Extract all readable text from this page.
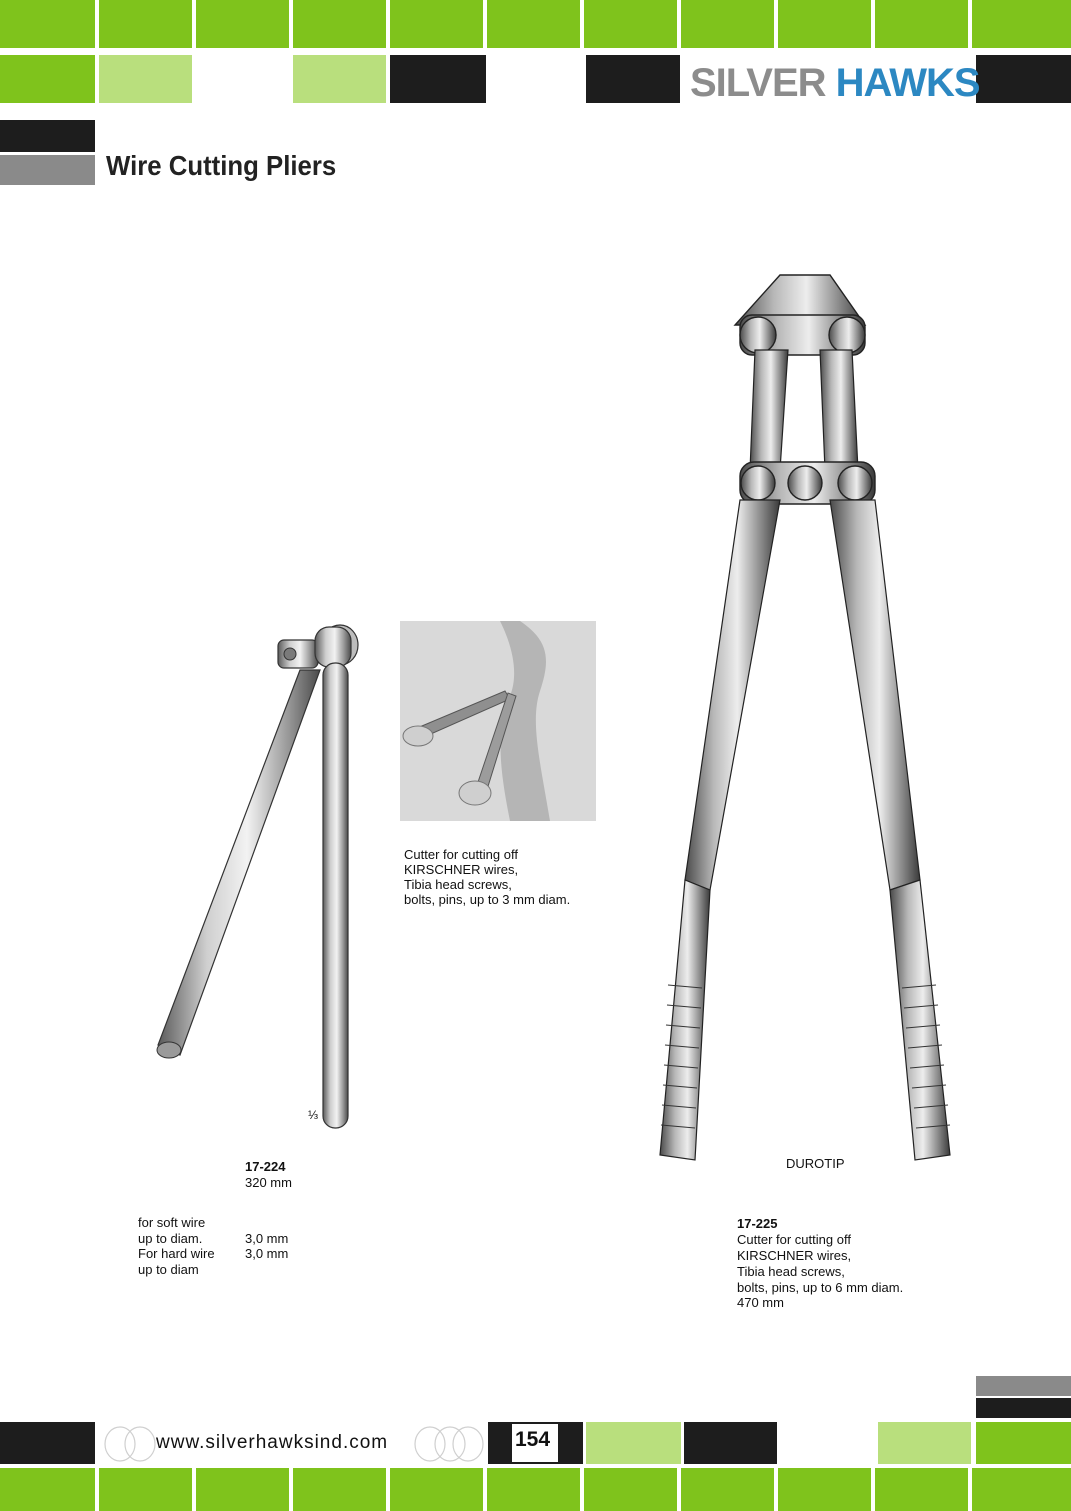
SILVER HAWKS
Wire Cutting Pliers
⅓
17-224
320 mm
for soft wire
up to diam.	3,0 mm
For hard wire 3,0 mm
up to diam
Cutter for cutting off
KIRSCHNER wires,
Tibia head screws,
bolts, pins, up to 3 mm diam.
DUROTIP
17-225
Cutter for cutting off
KIRSCHNER wires,
Tibia head screws,
bolts, pins, up to 6 mm diam.
470 mm
www.silverhawksind.com	154
